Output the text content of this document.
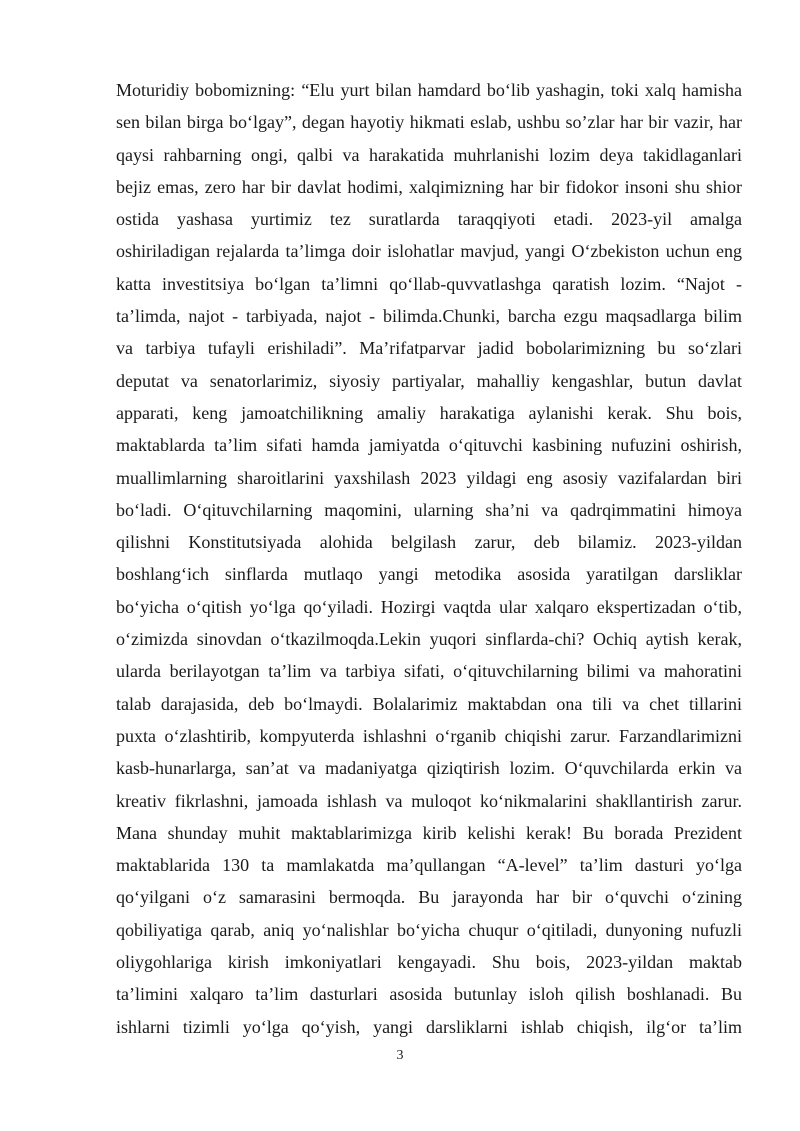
Moturidiy bobomizning: “Elu yurt bilan hamdard bo‘lib yashagin, toki xalq hamisha
sen bilan birga bo‘lgay”, degan hayotiy hikmati eslab, ushbu so’zlar har bir vazir, har
qaysi rahbarning ongi, qalbi va harakatida muhrlanishi lozim deya takidlaganlari
bejiz emas, zero har bir davlat hodimi, xalqimizning har bir fidokor insoni shu shior
ostida yashasa yurtimiz tez suratlarda taraqqiyoti etadi. 2023-yil amalga
oshiriladigan rejalarda ta’limga doir islohatlar mavjud, yangi O‘zbekiston uchun eng
katta investitsiya bo‘lgan ta’limni qo‘llab-quvvatlashga qaratish lozim. “Najot -
ta’limda, najot - tarbiyada, najot - bilimda.Chunki, barcha ezgu maqsadlarga bilim
va tarbiya tufayli erishiladi”. Ma’rifatparvar jadid bobolarimizning bu so‘zlari
deputat va senatorlarimiz, siyosiy partiyalar, mahalliy kengashlar, butun davlat
apparati, keng jamoatchilikning amaliy harakatiga aylanishi kerak. Shu bois,
maktablarda ta’lim sifati hamda jamiyatda o‘qituvchi kasbining nufuzini oshirish,
muallimlarning sharoitlarini yaxshilash 2023 yildagi eng asosiy vazifalardan biri
bo‘ladi. O‘qituvchilarning maqomini, ularning sha’ni va qadrqimmatini himoya
qilishni Konstitutsiyada alohida belgilash zarur, deb bilamiz. 2023-yildan
boshlang‘ich sinflarda mutlaqo yangi metodika asosida yaratilgan darsliklar
bo‘yicha o‘qitish yo‘lga qo‘yiladi. Hozirgi vaqtda ular xalqaro ekspertizadan o‘tib,
o‘zimizda sinovdan o‘tkazilmoqda.Lekin yuqori sinflarda-chi? Ochiq aytish kerak,
ularda berilayotgan ta’lim va tarbiya sifati, o‘qituvchilarning bilimi va mahoratini
talab darajasida, deb bo‘lmaydi. Bolalarimiz maktabdan ona tili va chet tillarini
puxta o‘zlashtirib, kompyuterda ishlashni o‘rganib chiqishi zarur. Farzandlarimizni
kasb-hunarlarga, san’at va madaniyatga qiziqtirish lozim. O‘quvchilarda erkin va
kreativ fikrlashni, jamoada ishlash va muloqot ko‘nikmalarini shakllantirish zarur.
Mana shunday muhit maktablarimizga kirib kelishi kerak! Bu borada Prezident
maktablarida 130 ta mamlakatda ma’qullangan “A-level” ta’lim dasturi yo‘lga
qo‘yilgani o‘z samarasini bermoqda. Bu jarayonda har bir o‘quvchi o‘zining
qobiliyatiga qarab, aniq yo‘nalishlar bo‘yicha chuqur o‘qitiladi, dunyoning nufuzli
oliygohlariga kirish imkoniyatlari kengayadi. Shu bois, 2023-yildan maktab
ta’limini xalqaro ta’lim dasturlari asosida butunlay isloh qilish boshlanadi. Bu
ishlarni tizimli yo‘lga qo‘yish, yangi darsliklarni ishlab chiqish, ilg‘or ta’lim
3
